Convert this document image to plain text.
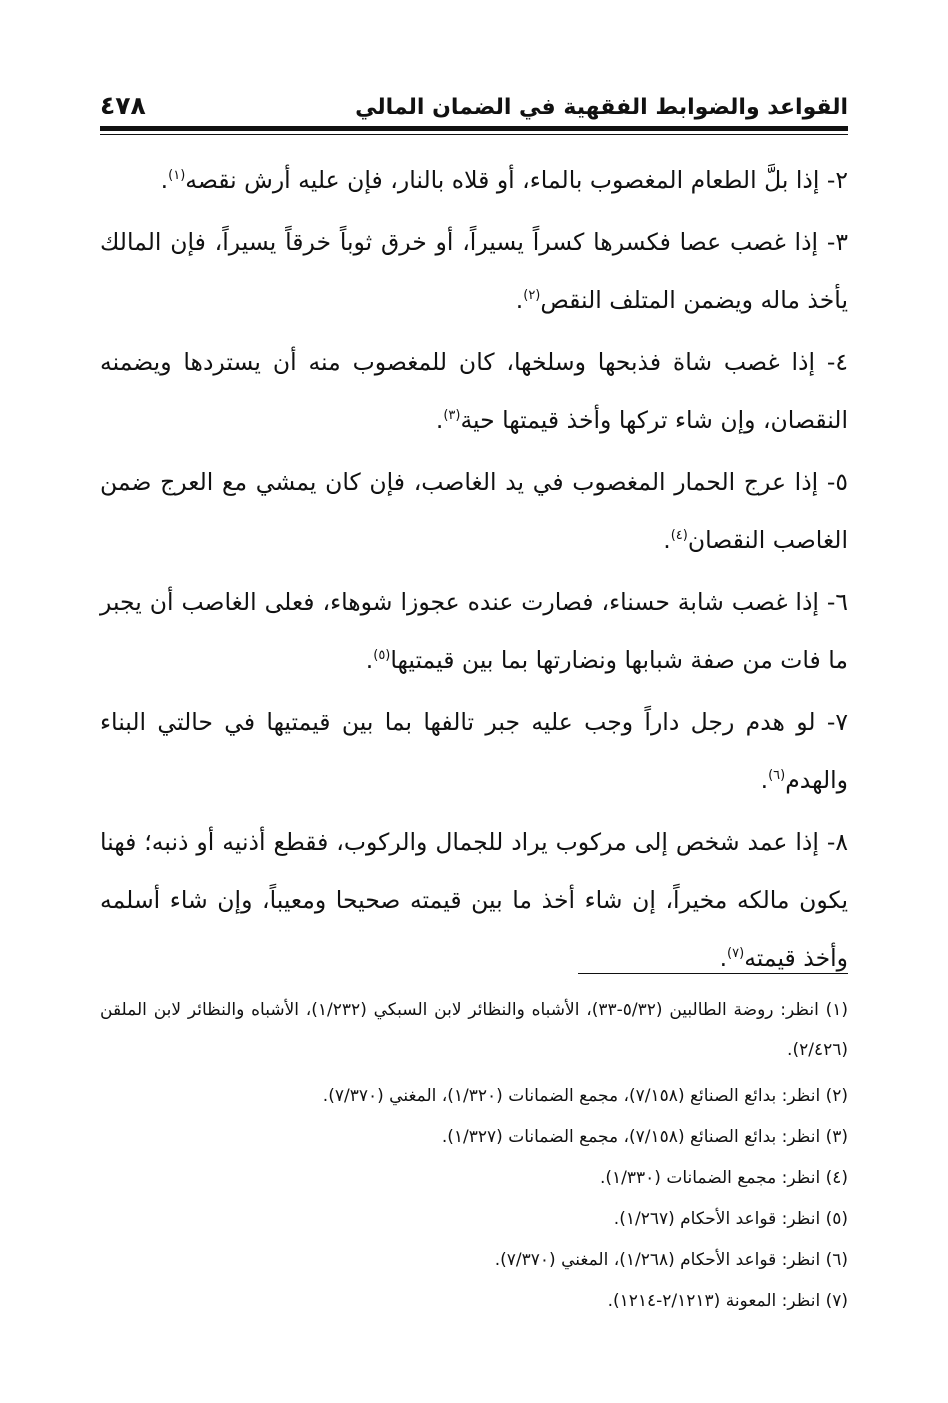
القواعد والضوابط الفقهية في الضمان المالي
٤٧٨

٢- إذا بلَّ الطعام المغصوب بالماء، أو قلاه بالنار، فإن عليه أرش نقصه$^{(١)}$.

٣- إذا غصب عصا فكسرها كسراً يسيراً، أو خرق ثوباً خرقاً يسيراً، فإن المالك يأخذ ماله ويضمن المتلف النقص$^{(٢)}$.

٤- إذا غصب شاة فذبحها وسلخها، كان للمغصوب منه أن يستردها ويضمنه النقصان، وإن شاء تركها وأخذ قيمتها حية$^{(٣)}$.

٥- إذا عرج الحمار المغصوب في يد الغاصب، فإن كان يمشي مع العرج ضمن الغاصب النقصان$^{(٤)}$.

٦- إذا غصب شابة حسناء، فصارت عنده عجوزا شوهاء، فعلى الغاصب أن يجبر ما فات من صفة شبابها ونضارتها بما بين قيمتيها$^{(٥)}$.

٧- لو هدم رجل داراً وجب عليه جبر تالفها بما بين قيمتيها في حالتي البناء والهدم$^{(٦)}$.

٨- إذا عمد شخص إلى مركوب يراد للجمال والركوب، فقطع أذنيه أو ذنبه؛ فهنا يكون مالكه مخيراً، إن شاء أخذ ما بين قيمته صحيحا ومعيباً، وإن شاء أسلمه وأخذ قيمته$^{(٧)}$.

(١) انظر: روضة الطالبين (٥/٣٢-٣٣)، الأشباه والنظائر لابن السبكي (١/٢٣٢)، الأشباه والنظائر لابن الملقن (٢/٤٢٦).

(٢) انظر: بدائع الصنائع (٧/١٥٨)، مجمع الضمانات (١/٣٢٠)، المغني (٧/٣٧٠).

(٣) انظر: بدائع الصنائع (٧/١٥٨)، مجمع الضمانات (١/٣٢٧).

(٤) انظر: مجمع الضمانات (١/٣٣٠).

(٥) انظر: قواعد الأحكام (١/٢٦٧).

(٦) انظر: قواعد الأحكام (١/٢٦٨)، المغني (٧/٣٧٠).

(٧) انظر: المعونة (٢/١٢١٣-١٢١٤).
